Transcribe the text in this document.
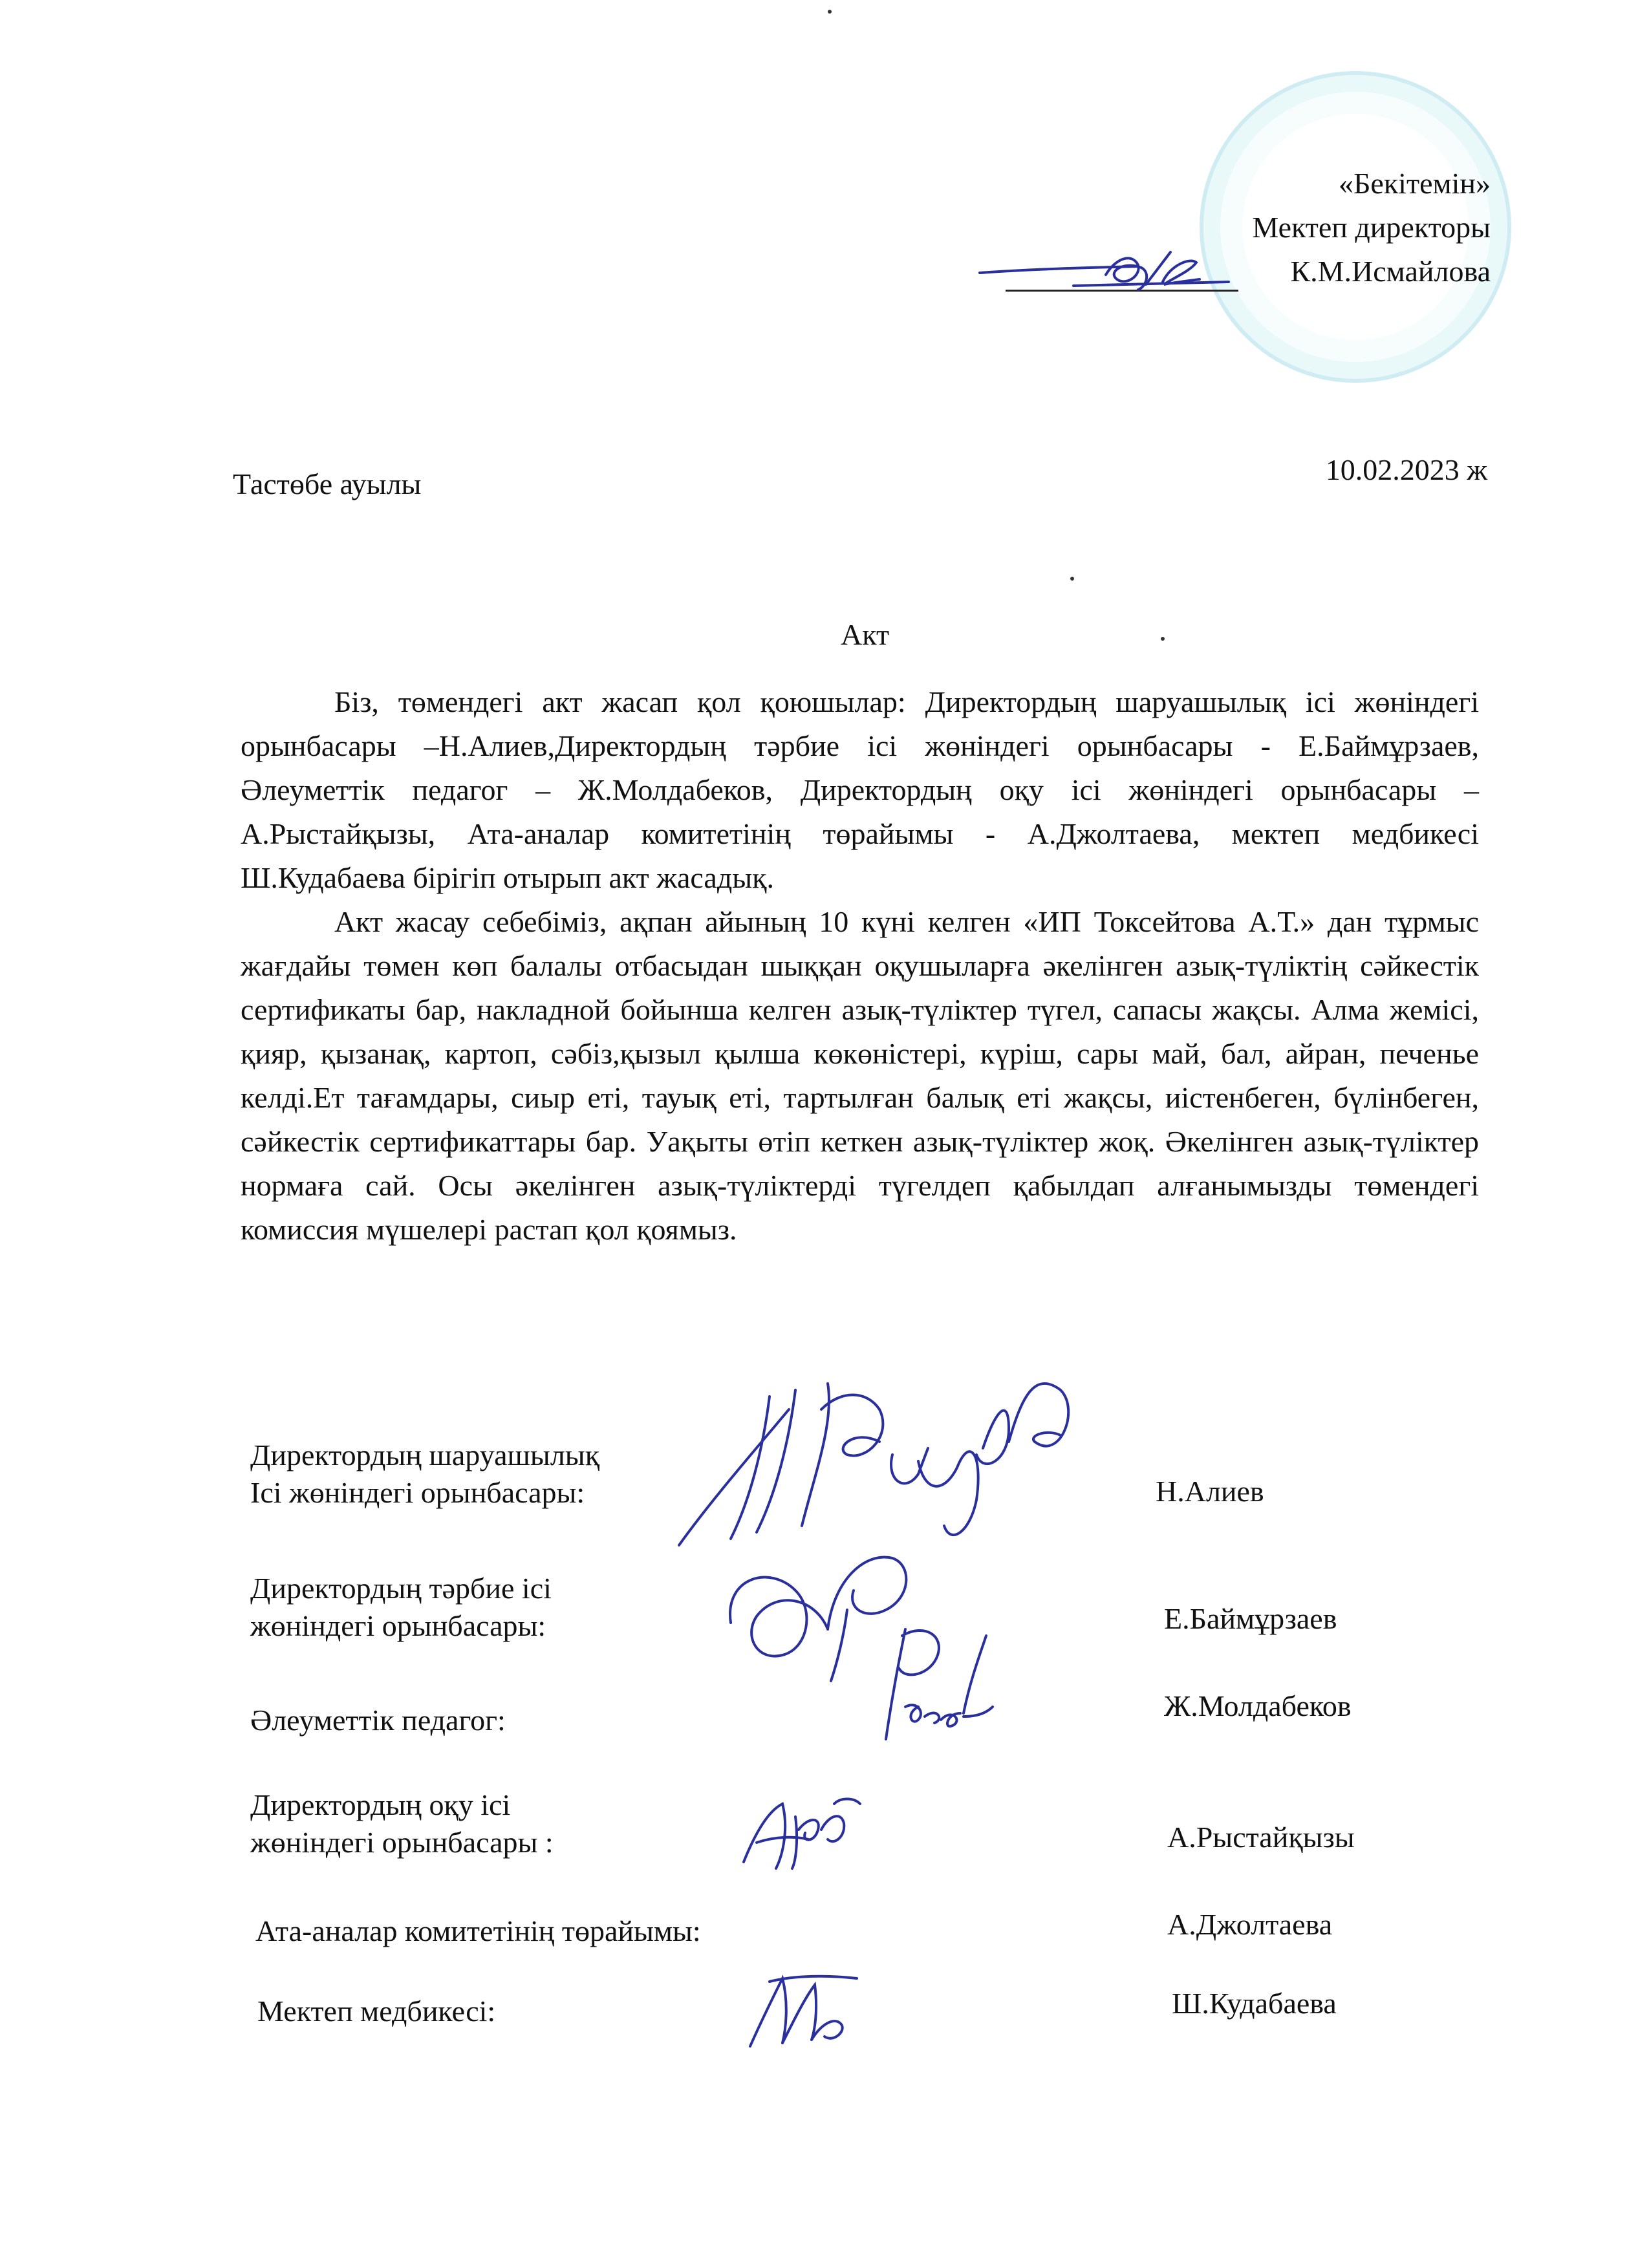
«Бекітемін»
Мектеп директоры
К.М.Исмайлова
Тастөбе ауылы	10.02.2023 ж
Акт

Біз, төмендегі акт жасап қол қоюшылар: Директордың шаруашылық ісі жөніндегі орынбасары –Н.Алиев,Директордың тәрбие ісі жөніндегі орынбасары - Е.Баймұрзаев, Әлеуметтік педагог – Ж.Молдабеков, Директордың оқу ісі жөніндегі орынбасары – А.Рыстайқызы, Ата-аналар комитетінің төрайымы - А.Джолтаева, мектеп медбикесі Ш.Кудабаева бірігіп отырып акт жасадық.

Акт жасау себебіміз, ақпан айының 10 күні келген «ИП Токсейтова А.Т.» дан тұрмыс жағдайы төмен көп балалы отбасыдан шыққан оқушыларға әкелінген азық-түліктің сәйкестік сертификаты бар, накладной бойынша келген азық-түліктер түгел, сапасы жақсы. Алма жемісі, қияр, қызанақ, картоп, сәбіз,қызыл қылша көкөністері, күріш, сары май, бал, айран, печенье келді.Ет тағамдары, сиыр еті, тауық еті, тартылған балық еті жақсы, иістенбеген, бүлінбеген, сәйкестік сертификаттары бар. Уақыты өтіп кеткен азық-түліктер жоқ. Әкелінген азық-түліктер нормаға сай. Осы әкелінген азық-түліктерді түгелдеп қабылдап алғанымызды төмендегі комиссия мүшелері растап қол қоямыз.

Директордың шаруашылық
Ісі жөніндегі орынбасары:	Н.Алиев
Директордың тәрбие ісі
жөніндегі орынбасары:	Е.Баймұрзаев
Әлеуметтік педагог:	Ж.Молдабеков
Директордың оқу ісі
жөніндегі орынбасары :	А.Рыстайқызы
Ата-аналар комитетінің төрайымы:	А.Джолтаева
Мектеп медбикесі:	Ш.Кудабаева
